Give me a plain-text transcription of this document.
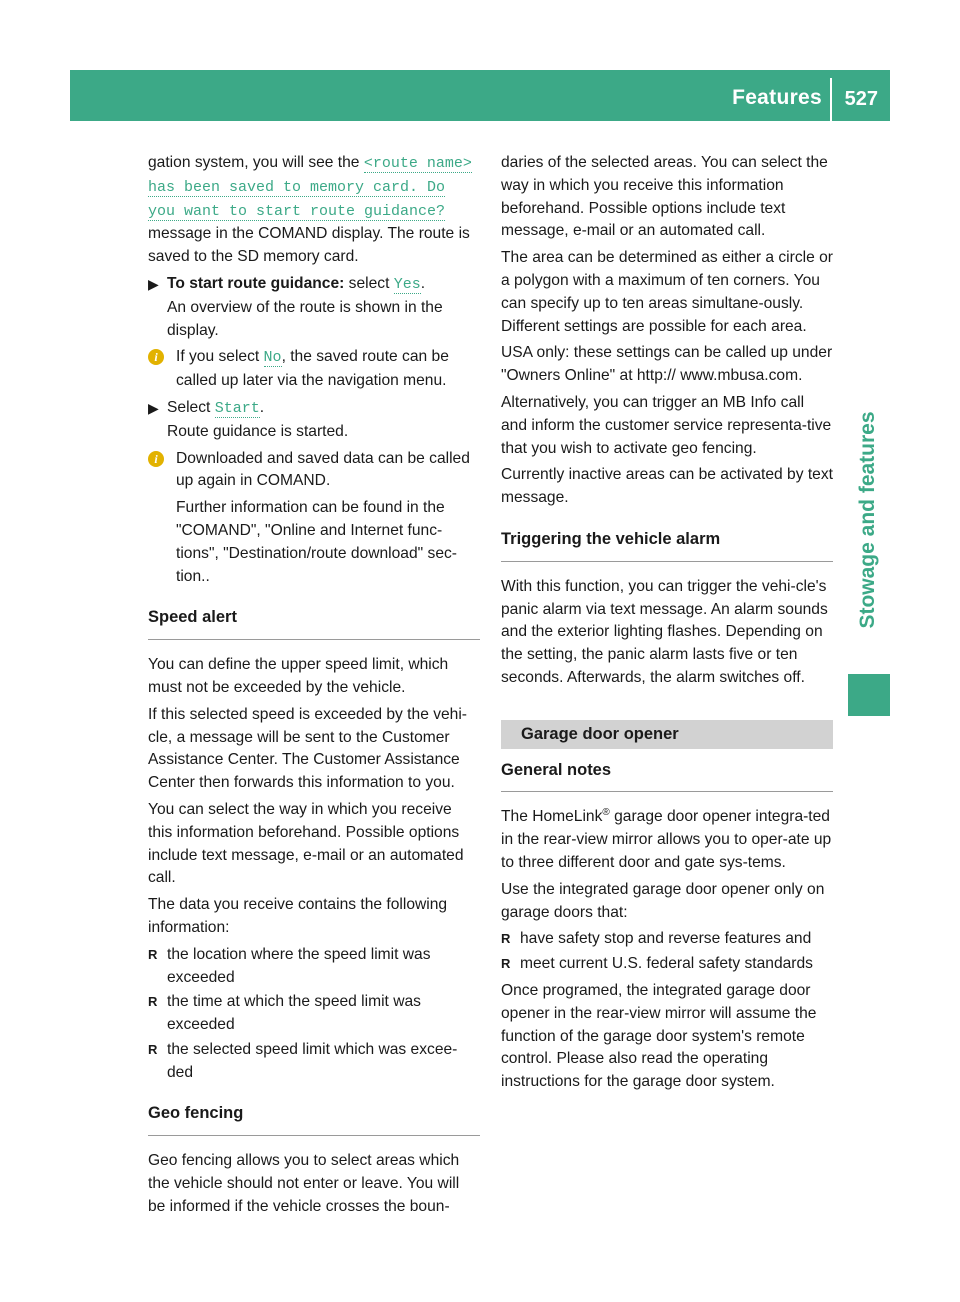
Features 527
Stowage and features

gation system, you will see the <route name> has been saved to memory card. Do you want to start route guidance? message in the COMAND display. The route is saved to the SD memory card.

▶ To start route guidance: select Yes.
An overview of the route is shown in the display.
i	If you select No, the saved route can be called up later via the navigation menu.
▶ Select Start.
Route guidance is started.
i	Downloaded and saved data can be called up again in COMAND.

Further information can be found in the "COMAND", "Online and Internet func-tions", "Destination/route download" sec-tion..

Speed alert

You can define the upper speed limit, which must not be exceeded by the vehicle.

If this selected speed is exceeded by the vehi-cle, a message will be sent to the Customer Assistance Center. The Customer Assistance Center then forwards this information to you.

You can select the way in which you receive this information beforehand. Possible options include text message, e-mail or an automated call.

The data you receive contains the following information:

R the location where the speed limit was exceeded
R the time at which the speed limit was exceeded
R the selected speed limit which was excee-ded
Geo fencing

Geo fencing allows you to select areas which the vehicle should not enter or leave. You will be informed if the vehicle crosses the boun-

daries of the selected areas. You can select the way in which you receive this information beforehand. Possible options include text message, e-mail or an automated call.

The area can be determined as either a circle or a polygon with a maximum of ten corners. You can specify up to ten areas simultane-ously. Different settings are possible for each area.

USA only: these settings can be called up under "Owners Online" at http:// www.mbusa.com.

Alternatively, you can trigger an MB Info call and inform the customer service representa-tive that you wish to activate geo fencing.

Currently inactive areas can be activated by text message.

Triggering the vehicle alarm

With this function, you can trigger the vehi-cle's panic alarm via text message. An alarm sounds and the exterior lighting flashes. Depending on the setting, the panic alarm lasts five or ten seconds. Afterwards, the alarm switches off.

Garage door opener
General notes

The HomeLink® garage door opener integra-ted in the rear-view mirror allows you to oper-ate up to three different door and gate sys-tems.

Use the integrated garage door opener only on garage doors that:

R have safety stop and reverse features and
R meet current U.S. federal safety standards

Once programed, the integrated garage door opener in the rear-view mirror will assume the function of the garage door system's remote control. Please also read the operating instructions for the garage door system.
